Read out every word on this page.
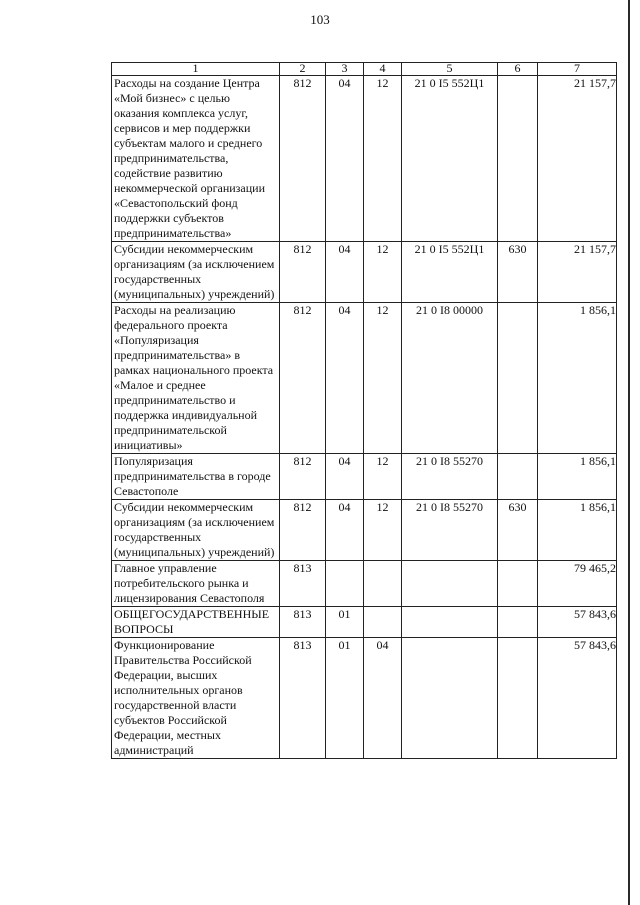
103
1	2	3	4	5	6	7
Расходы на создание Центра «Мой бизнес» с целью оказания комплекса услуг, сервисов и мер поддержки субъектам малого и среднего предпринимательства, содействие развитию некоммерческой организации «Севастопольский фонд поддержки субъектов предпринимательства»	812	04	12	21 0 I5 552Ц1		21 157,7
Субсидии некоммерческим организациям (за исключением государственных (муниципальных) учреждений)	812	04	12	21 0 I5 552Ц1	630	21 157,7
Расходы на реализацию федерального проекта «Популяризация предпринимательства» в рамках национального проекта «Малое и среднее предпринимательство и поддержка индивидуальной предпринимательской инициативы»	812	04	12	21 0 I8 00000		1 856,1
Популяризация предпринимательства в городе Севастополе	812	04	12	21 0 I8 55270		1 856,1
Субсидии некоммерческим организациям (за исключением государственных (муниципальных) учреждений)	812	04	12	21 0 I8 55270	630	1 856,1
Главное управление потребительского рынка и лицензирования Севастополя	813					79 465,2
ОБЩЕГОСУДАРСТВЕННЫЕ ВОПРОСЫ	813	01				57 843,6
Функционирование Правительства Российской Федерации, высших исполнительных органов государственной власти субъектов Российской Федерации, местных администраций	813	01	04			57 843,6
